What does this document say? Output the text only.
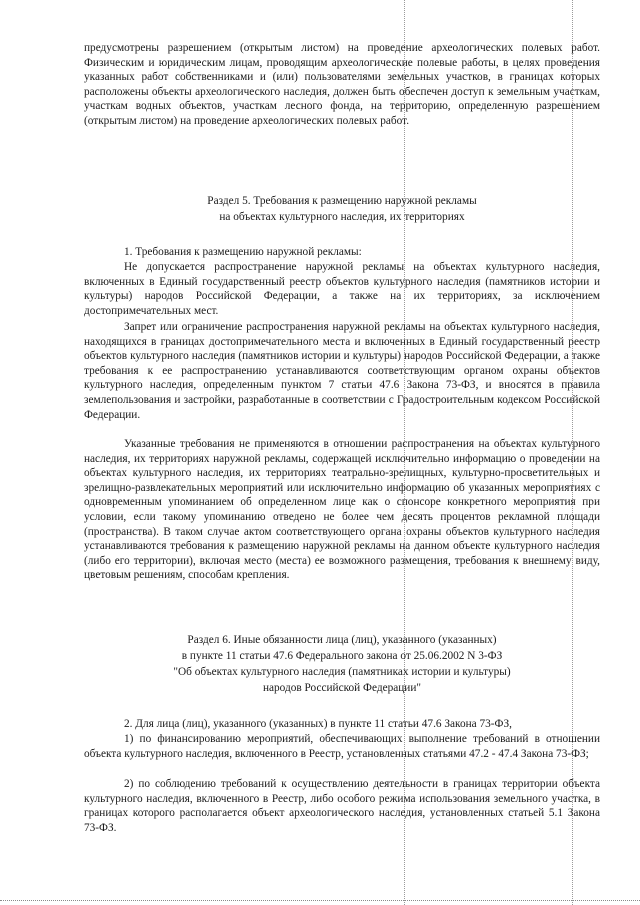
предусмотрены разрешением (открытым листом) на проведение археологических полевых работ. Физическим и юридическим лицам, проводящим археологические полевые работы, в целях проведения указанных работ собственниками и (или) пользователями земельных участков, в границах которых расположены объекты археологического наследия, должен быть обеспечен доступ к земельным участкам, участкам водных объектов, участкам лесного фонда, на территорию, определенную разрешением (открытым листом) на проведение археологических полевых работ.

Раздел 5. Требования к размещению наружной рекламы
на объектах культурного наследия, их территориях

1. Требования к размещению наружной рекламы:

Не допускается распространение наружной рекламы на объектах культурного наследия, включенных в Единый государственный реестр объектов культурного наследия (памятников истории и культуры) народов Российской Федерации, а также на их территориях, за исключением достопримечательных мест.

Запрет или ограничение распространения наружной рекламы на объектах культурного наследия, находящихся в границах достопримечательного места и включенных в Единый государственный реестр объектов культурного наследия (памятников истории и культуры) народов Российской Федерации, а также требования к ее распространению устанавливаются соответствующим органом охраны объектов культурного наследия, определенным пунктом 7 статьи 47.6 Закона 73-ФЗ, и вносятся в правила землепользования и застройки, разработанные в соответствии с Градостроительным кодексом Российской Федерации.

Указанные требования не применяются в отношении распространения на объектах культурного наследия, их территориях наружной рекламы, содержащей исключительно информацию о проведении на объектах культурного наследия, их территориях театрально-зрелищных, культурно-просветительных и зрелищно-развлекательных мероприятий или исключительно информацию об указанных мероприятиях с одновременным упоминанием об определенном лице как о спонсоре конкретного мероприятия при условии, если такому упоминанию отведено не более чем десять процентов рекламной площади (пространства). В таком случае актом соответствующего органа охраны объектов культурного наследия устанавливаются требования к размещению наружной рекламы на данном объекте культурного наследия (либо его территории), включая место (места) ее возможного размещения, требования к внешнему виду, цветовым решениям, способам крепления.

Раздел 6. Иные обязанности лица (лиц), указанного (указанных)
в пункте 11 статьи 47.6 Федерального закона от 25.06.2002 N 3-ФЗ
"Об объектах культурного наследия (памятниках истории и культуры)
народов Российской Федерации"

2. Для лица (лиц), указанного (указанных) в пункте 11 статьи 47.6 Закона 73-ФЗ,

1) по финансированию мероприятий, обеспечивающих выполнение требований в отношении объекта культурного наследия, включенного в Реестр, установленных статьями 47.2 - 47.4 Закона 73-ФЗ;

2) по соблюдению требований к осуществлению деятельности в границах территории объекта культурного наследия, включенного в Реестр, либо особого режима использования земельного участка, в границах которого располагается объект археологического наследия, установленных статьей 5.1 Закона 73-ФЗ.
